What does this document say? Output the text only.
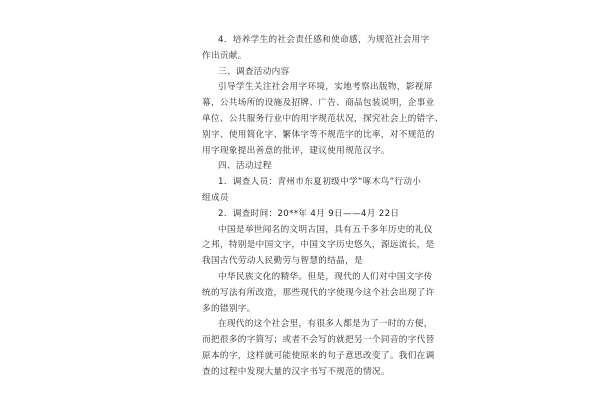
4．培养学生的社会责任感和使命感，为规范社会用字
作出贡献。
三、调查活动内容
引导学生关注社会用字环境，实地考察出版物，影视屏
幕，公共场所的设施及招牌、广告、商品包装说明，企事业
单位、公共服务行业中的用字规范状况，探究社会上的错字、
别字、使用简化字、繁体字等不规范字的比率，对不规范的
用字现象提出善意的批评，建议使用规范汉字。
四、活动过程
1．调查人员：青州市东夏初级中学“啄木鸟”行动小
组成员
2．调查时间：20**年 4月 9日——4月 22日
中国是举世闻名的文明古国，具有五千多年历史的礼仪
之邦，特别是中国文字，中国文字历史悠久，源远流长，是
我国古代劳动人民勤劳与智慧的结晶，是
中华民族文化的精华。但是，现代的人们对中国文字传
统的写法有所改造，那些现代的字使现今这个社会出现了许
多的错别字。
在现代的这个社会里，有很多人都是为了一时的方便，
而把很多的字简写；或者不会写的就把另一个同音的字代替
原本的字，这样就可能使原来的句子意思改变了。我们在调
查的过程中发现大量的汉字书写不规范的情况。
